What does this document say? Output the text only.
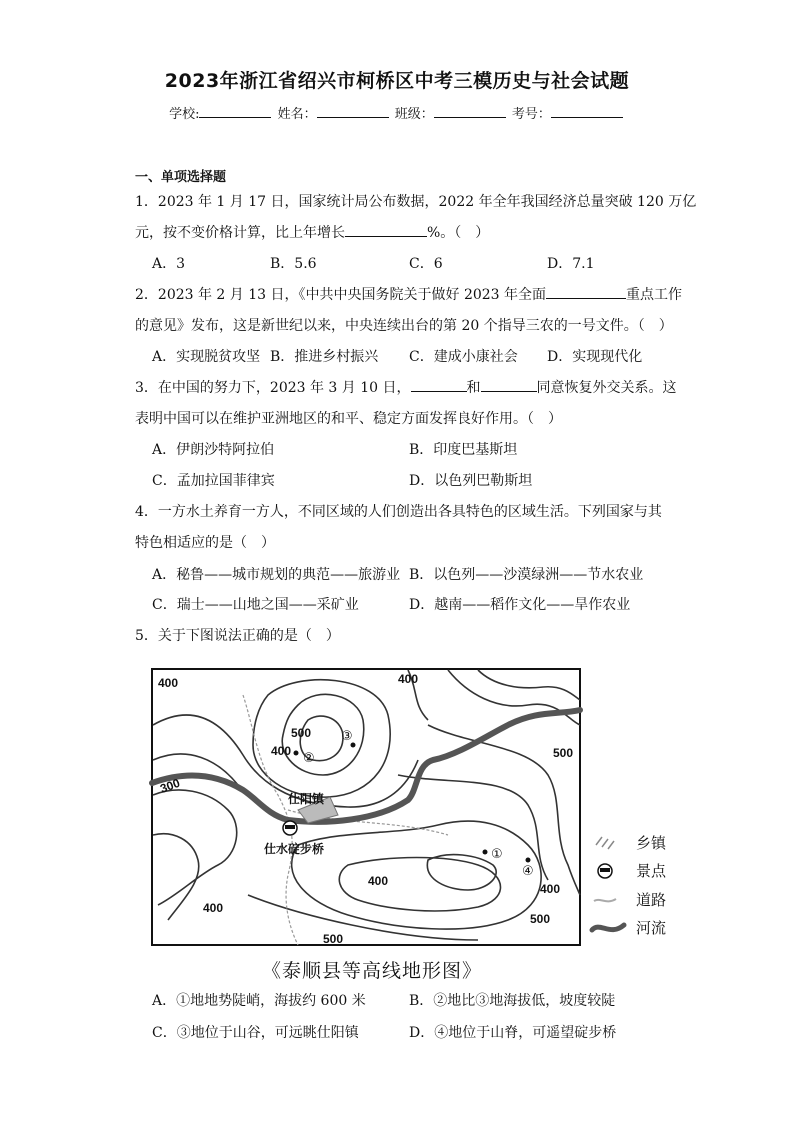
2023年浙江省绍兴市柯桥区中考三模历史与社会试题
学校:	姓名：	班级：	考号：
一、单项选择题
1．2023 年 1 月 17 日，国家统计局公布数据，2022 年全年我国经济总量突破 120 万亿
元，按不变价格计算，比上年增长	%。（　）
A．3	B．5.6	C．6	D．7.1
2．2023 年 2 月 13 日，《中共中央国务院关于做好 2023 年全面	重点工作
的意见》发布，这是新世纪以来，中央连续出台的第 20 个指导三农的一号文件。（　）
A．实现脱贫攻坚 B．推进乡村振兴 C．建成小康社会 D．实现现代化
3．在中国的努力下，2023 年 3 月 10 日，	和	同意恢复外交关系。这
表明中国可以在维护亚洲地区的和平、稳定方面发挥良好作用。（　）
A．伊朗沙特阿拉伯	B．印度巴基斯坦
C．孟加拉国菲律宾	D．以色列巴勒斯坦
4．一方水土养育一方人，不同区域的人们创造出各具特色的区域生活。下列国家与其
特色相适应的是（　）
A．秘鲁——城市规划的典范——旅游业 B．以色列——沙漠绿洲——节水农业
C．瑞士——山地之国——采矿业	D．越南——稻作文化——旱作农业
5．关于下图说法正确的是（　）
400	400
500
400
300
500
400
400
400
500
500
③
②
①
④
仕阳镇
仕水碇步桥	乡镇
景点
道路
河流
《泰顺县等高线地形图》
A．①地地势陡峭，海拔约 600 米	B．②地比③地海拔低，坡度较陡
C．③地位于山谷，可远眺仕阳镇	D．④地位于山脊，可遥望碇步桥
